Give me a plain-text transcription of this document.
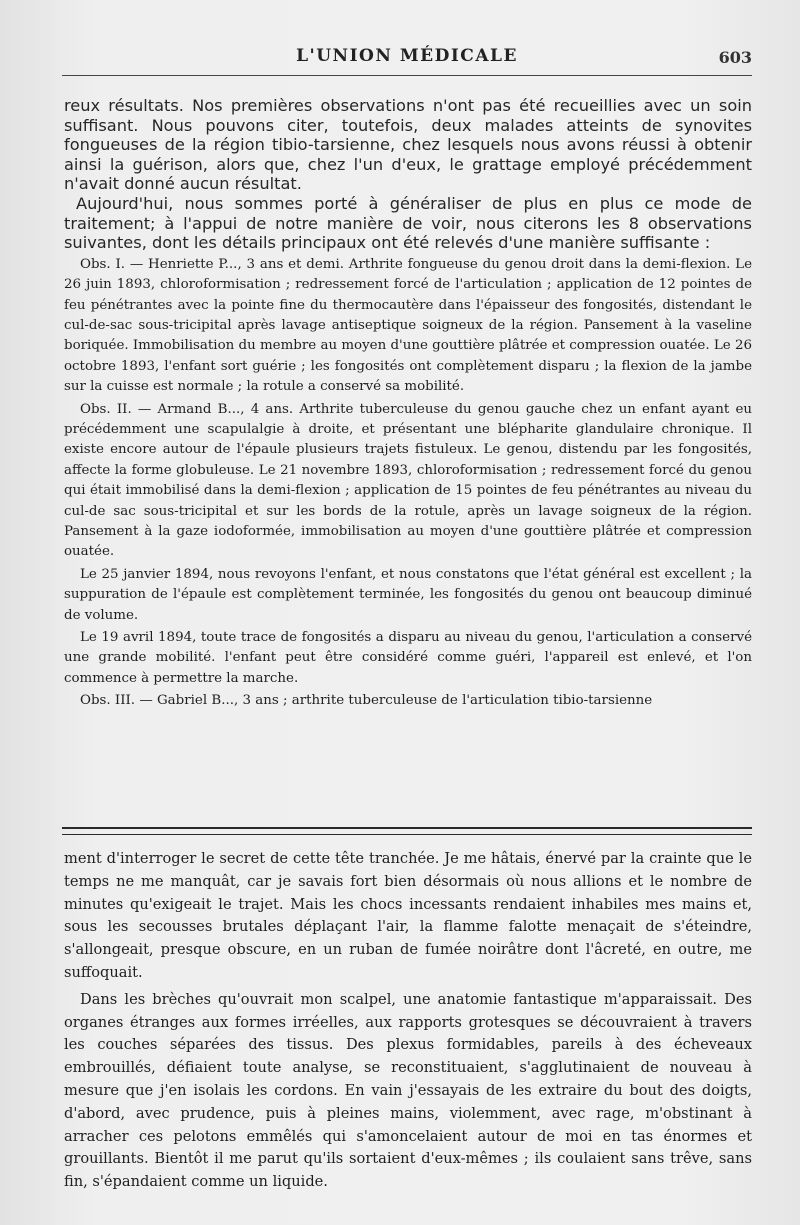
L'UNION MÉDICALE	603

reux résultats. Nos premières observations n'ont pas été recueillies avec un soin suffisant. Nous pouvons citer, toutefois, deux malades atteints de synovites fongueuses de la région tibio-tarsienne, chez lesquels nous avons réussi à obtenir ainsi la guérison, alors que, chez l'un d'eux, le grattage employé précédemment n'avait donné aucun résultat.

Aujourd'hui, nous sommes porté à généraliser de plus en plus ce mode de traitement; à l'appui de notre manière de voir, nous citerons les 8 observations suivantes, dont les détails principaux ont été relevés d'une manière suffisante :

Obs. I. — Henriette P..., 3 ans et demi. Arthrite fongueuse du genou droit dans la demi-flexion. Le 26 juin 1893, chloroformisation ; redressement forcé de l'articulation ; application de 12 pointes de feu pénétrantes avec la pointe fine du thermocautère dans l'épaisseur des fongosités, distendant le cul-de-sac sous-tricipital après lavage antiseptique soigneux de la région. Pansement à la vaseline boriquée. Immobilisation du membre au moyen d'une gouttière plâtrée et compression ouatée. Le 26 octobre 1893, l'enfant sort guérie ; les fongosités ont complètement disparu ; la flexion de la jambe sur la cuisse est normale ; la rotule a conservé sa mobilité.

Obs. II. — Armand B..., 4 ans. Arthrite tuberculeuse du genou gauche chez un enfant ayant eu précédemment une scapulalgie à droite, et présentant une blépharite glandulaire chronique. Il existe encore autour de l'épaule plusieurs trajets fistuleux. Le genou, distendu par les fongosités, affecte la forme globuleuse. Le 21 novembre 1893, chloroformisation ; redressement forcé du genou qui était immobilisé dans la demi-flexion ; application de 15 pointes de feu pénétrantes au niveau du cul-de sac sous-tricipital et sur les bords de la rotule, après un lavage soigneux de la région. Pansement à la gaze iodoformée, immobilisation au moyen d'une gouttière plâtrée et compression ouatée.

Le 25 janvier 1894, nous revoyons l'enfant, et nous constatons que l'état général est excellent ; la suppuration de l'épaule est complètement terminée, les fongosités du genou ont beaucoup diminué de volume.

Le 19 avril 1894, toute trace de fongosités a disparu au niveau du genou, l'articulation a conservé une grande mobilité. l'enfant peut être considéré comme guéri, l'appareil est enlevé, et l'on commence à permettre la marche.

Obs. III. — Gabriel B..., 3 ans ; arthrite tuberculeuse de l'articulation tibio-tarsienne

ment d'interroger le secret de cette tête tranchée. Je me hâtais, énervé par la crainte que le temps ne me manquât, car je savais fort bien désormais où nous allions et le nombre de minutes qu'exigeait le trajet. Mais les chocs incessants rendaient inhabiles mes mains et, sous les secousses brutales déplaçant l'air, la flamme falotte menaçait de s'éteindre, s'allongeait, presque obscure, en un ruban de fumée noirâtre dont l'âcreté, en outre, me suffoquait.

Dans les brèches qu'ouvrait mon scalpel, une anatomie fantastique m'apparaissait. Des organes étranges aux formes irréelles, aux rapports grotesques se découvraient à travers les couches séparées des tissus. Des plexus formidables, pareils à des écheveaux embrouillés, défiaient toute analyse, se reconstituaient, s'agglutinaient de nouveau à mesure que j'en isolais les cordons. En vain j'essayais de les extraire du bout des doigts, d'abord, avec prudence, puis à pleines mains, violemment, avec rage, m'obstinant à arracher ces pelotons emmêlés qui s'amoncelaient autour de moi en tas énormes et grouillants. Bientôt il me parut qu'ils sortaient d'eux-mêmes ; ils coulaient sans trêve, sans fin, s'épandaient comme un liquide.
